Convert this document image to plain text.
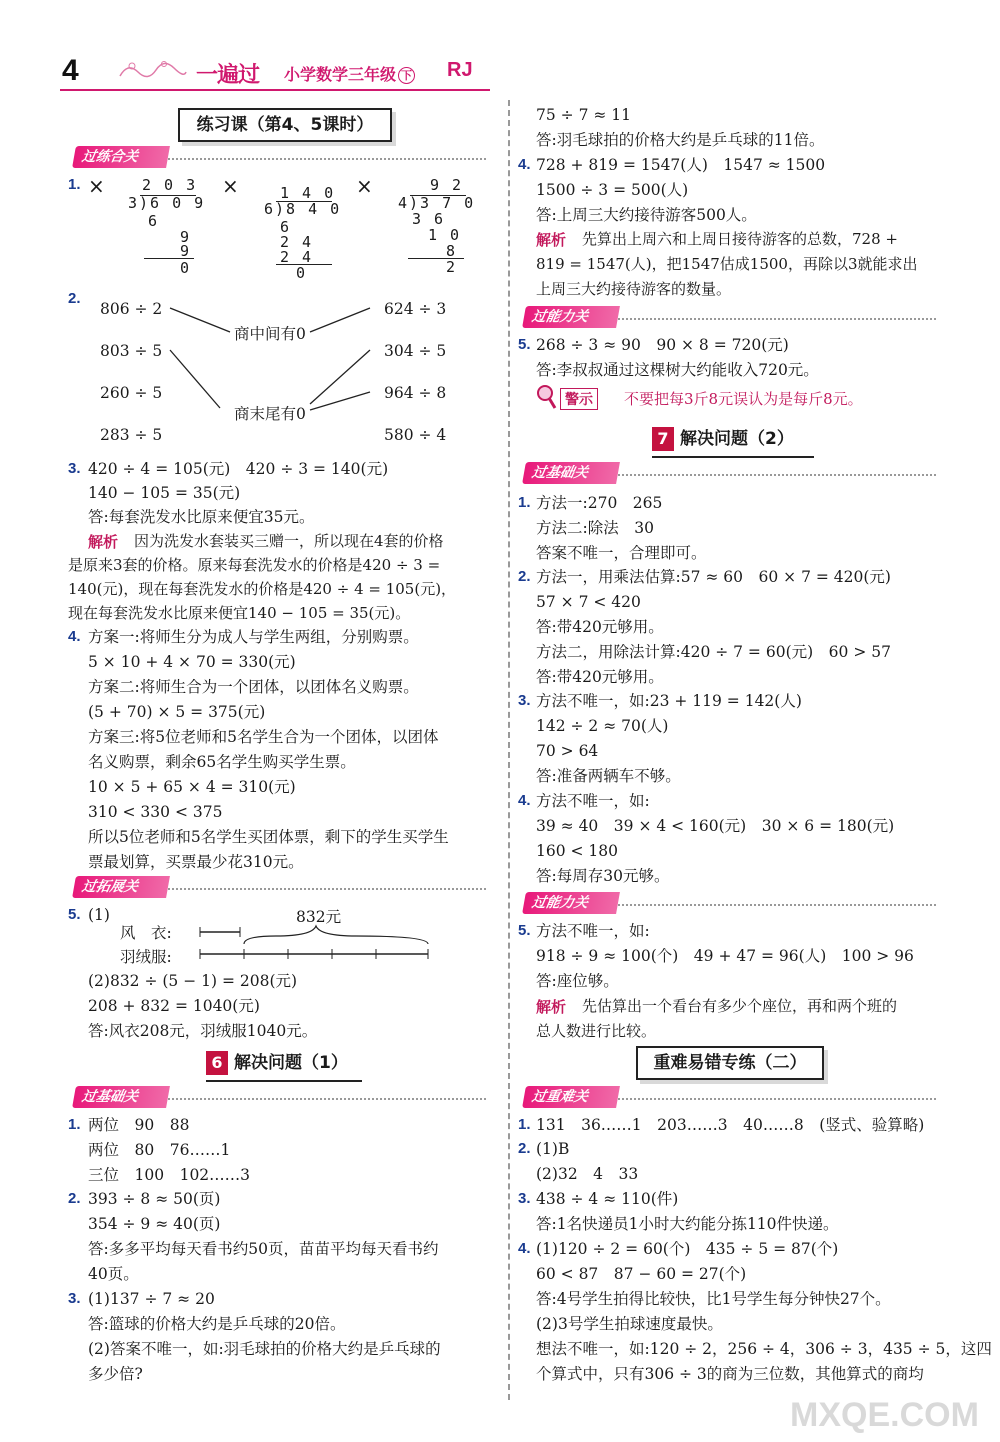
4	一遍过 小学数学三年级 下 RJ
练习课（第4、5课时）
过练合关
1. × 2 0 3
3)6 0 9
6
9
9
0
×	1 4 0
6)8 4 0
6
2 4
2 4
0
×	9 2
4)3 7 0
3 6
1 0
8
2
2.
806 ÷ 2
803 ÷ 5
260 ÷ 5
283 ÷ 5
624 ÷ 3
304 ÷ 5
964 ÷ 8
580 ÷ 4
商中间有0
商末尾有0
3. 420 ÷ 4 = 105(元)　420 ÷ 3 = 140(元)
140 − 105 = 35(元)
答:每套洗发水比原来便宜35元。
解析 因为洗发水套装买三赠一，所以现在4套的价格
是原来3套的价格。原来每套洗发水的价格是420 ÷ 3 =
140(元)，现在每套洗发水的价格是420 ÷ 4 = 105(元)，
现在每套洗发水比原来便宜140 − 105 = 35(元)。
4. 方案一:将师生分为成人与学生两组，分别购票。
5 × 10 + 4 × 70 = 330(元)
方案二:将师生合为一个团体，以团体名义购票。
(5 + 70) × 5 = 375(元)
方案三:将5位老师和5名学生合为一个团体，以团体
名义购票，剩余65名学生购买学生票。
10 × 5 + 65 × 4 = 310(元)
310 < 330 < 375
所以5位老师和5名学生买团体票，剩下的学生买学生
票最划算，买票最少花310元。
过拓展关
5. (1)
风　衣:
羽绒服:
832元
(2)832 ÷ (5 − 1) = 208(元)
208 + 832 = 1040(元)
答:风衣208元，羽绒服1040元。
6 解决问题（1）
过基础关
1. 两位　90　88
两位　80　76……1
三位　100　102……3
2. 393 ÷ 8 ≈ 50(页)
354 ÷ 9 ≈ 40(页)
答:多多平均每天看书约50页，苗苗平均每天看书约
40页。
3. (1)137 ÷ 7 ≈ 20
答:篮球的价格大约是乒乓球的20倍。
(2)答案不唯一，如:羽毛球拍的价格大约是乒乓球的
多少倍?
75 ÷ 7 ≈ 11
答:羽毛球拍的价格大约是乒乓球的11倍。
4. 728 + 819 = 1547(人)　1547 ≈ 1500
1500 ÷ 3 = 500(人)
答:上周三大约接待游客500人。
解析 先算出上周六和上周日接待游客的总数，728 +
819 = 1547(人)，把1547估成1500，再除以3就能求出
上周三大约接待游客的数量。
过能力关
5. 268 ÷ 3 ≈ 90　90 × 8 = 720(元)
答:李叔叔通过这棵树大约能收入720元。
警示	不要把每3斤8元误认为是每斤8元。
7 解决问题（2）
过基础关
1. 方法一:270　265
方法二:除法　30
答案不唯一，合理即可。
2. 方法一，用乘法估算:57 ≈ 60　60 × 7 = 420(元)
57 × 7 < 420
答:带420元够用。
方法二，用除法计算:420 ÷ 7 = 60(元)　60 > 57
答:带420元够用。
3. 方法不唯一，如:23 + 119 = 142(人)
142 ÷ 2 ≈ 70(人)
70 > 64
答:准备两辆车不够。
4. 方法不唯一，如:
39 ≈ 40　39 × 4 < 160(元)　30 × 6 = 180(元)
160 < 180
答:每周存30元够。
过能力关
5. 方法不唯一，如:
918 ÷ 9 ≈ 100(个)　49 + 47 = 96(人)　100 > 96
答:座位够。
解析 先估算出一个看台有多少个座位，再和两个班的
总人数进行比较。
重难易错专练（二）
过重难关
1. 131　36……1　203……3　40……8　(竖式、验算略)
2. (1)B
(2)32　4　33
3. 438 ÷ 4 ≈ 110(件)
答:1名快递员1小时大约能分拣110件快递。
4. (1)120 ÷ 2 = 60(个)　435 ÷ 5 = 87(个)
60 < 87　87 − 60 = 27(个)
答:4号学生拍得比较快，比1号学生每分钟快27个。
(2)3号学生拍球速度最快。
想法不唯一，如:120 ÷ 2，256 ÷ 4，306 ÷ 3，435 ÷ 5，这四
个算式中，只有306 ÷ 3的商为三位数，其他算式的商均
MXQE.COM
